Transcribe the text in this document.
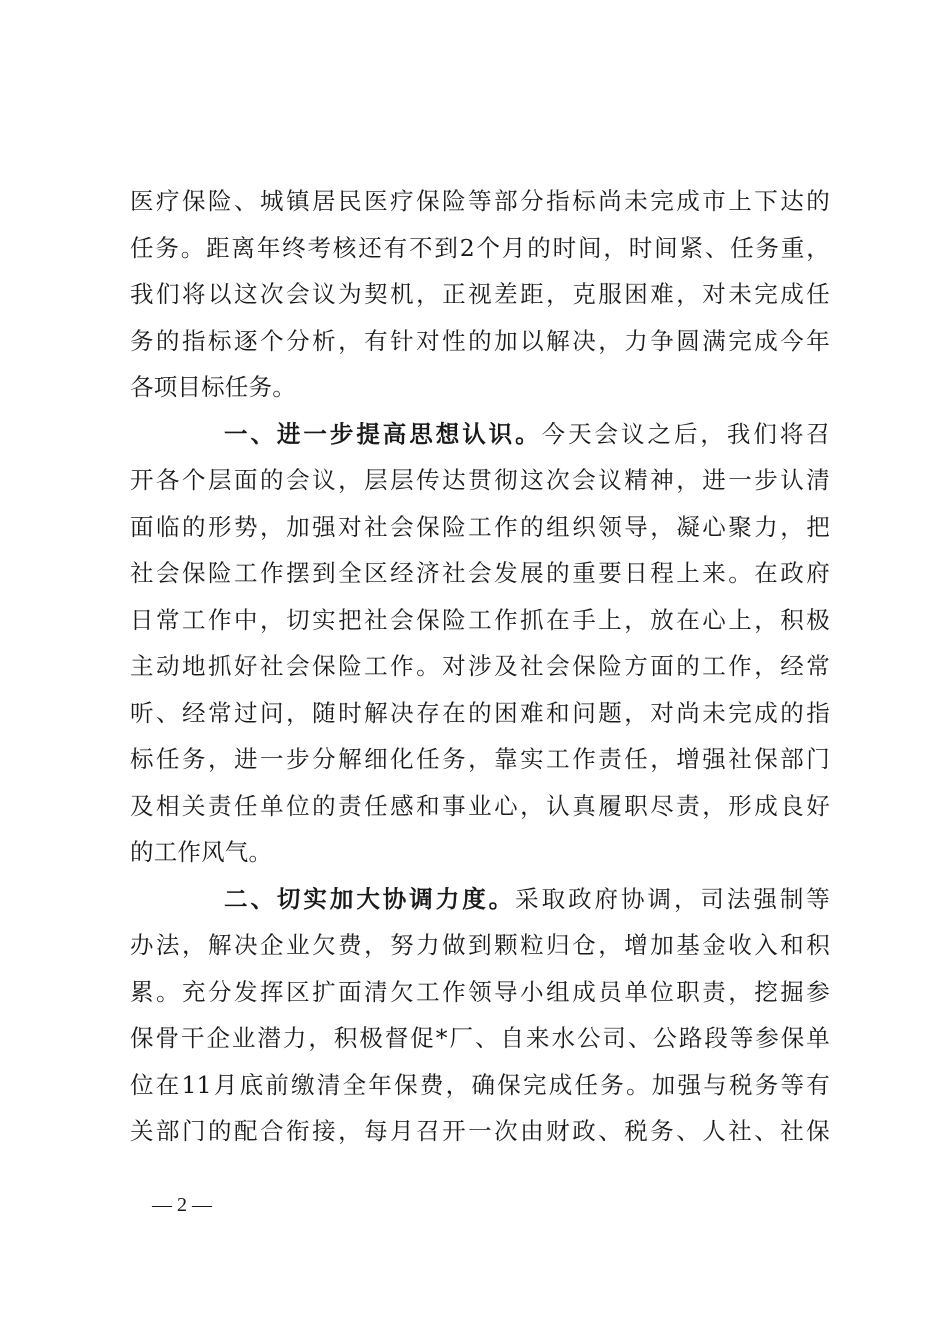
医疗保险、城镇居民医疗保险等部分指标尚未完成市上下达的
任务。距离年终考核还有不到2个月的时间，时间紧、任务重，
我们将以这次会议为契机，正视差距，克服困难，对未完成任
务的指标逐个分析，有针对性的加以解决，力争圆满完成今年
各项目标任务。
一、进一步提高思想认识。今天会议之后，我们将召
开各个层面的会议，层层传达贯彻这次会议精神，进一步认清
面临的形势，加强对社会保险工作的组织领导，凝心聚力，把
社会保险工作摆到全区经济社会发展的重要日程上来。在政府
日常工作中，切实把社会保险工作抓在手上，放在心上，积极
主动地抓好社会保险工作。对涉及社会保险方面的工作，经常
听、经常过问，随时解决存在的困难和问题，对尚未完成的指
标任务，进一步分解细化任务，靠实工作责任，增强社保部门
及相关责任单位的责任感和事业心，认真履职尽责，形成良好
的工作风气。
二、切实加大协调力度。采取政府协调，司法强制等
办法，解决企业欠费，努力做到颗粒归仓，增加基金收入和积
累。充分发挥区扩面清欠工作领导小组成员单位职责，挖掘参
保骨干企业潜力，积极督促*厂、自来水公司、公路段等参保单
位在11月底前缴清全年保费，确保完成任务。加强与税务等有
关部门的配合衔接，每月召开一次由财政、税务、人社、社保
— 2 —
